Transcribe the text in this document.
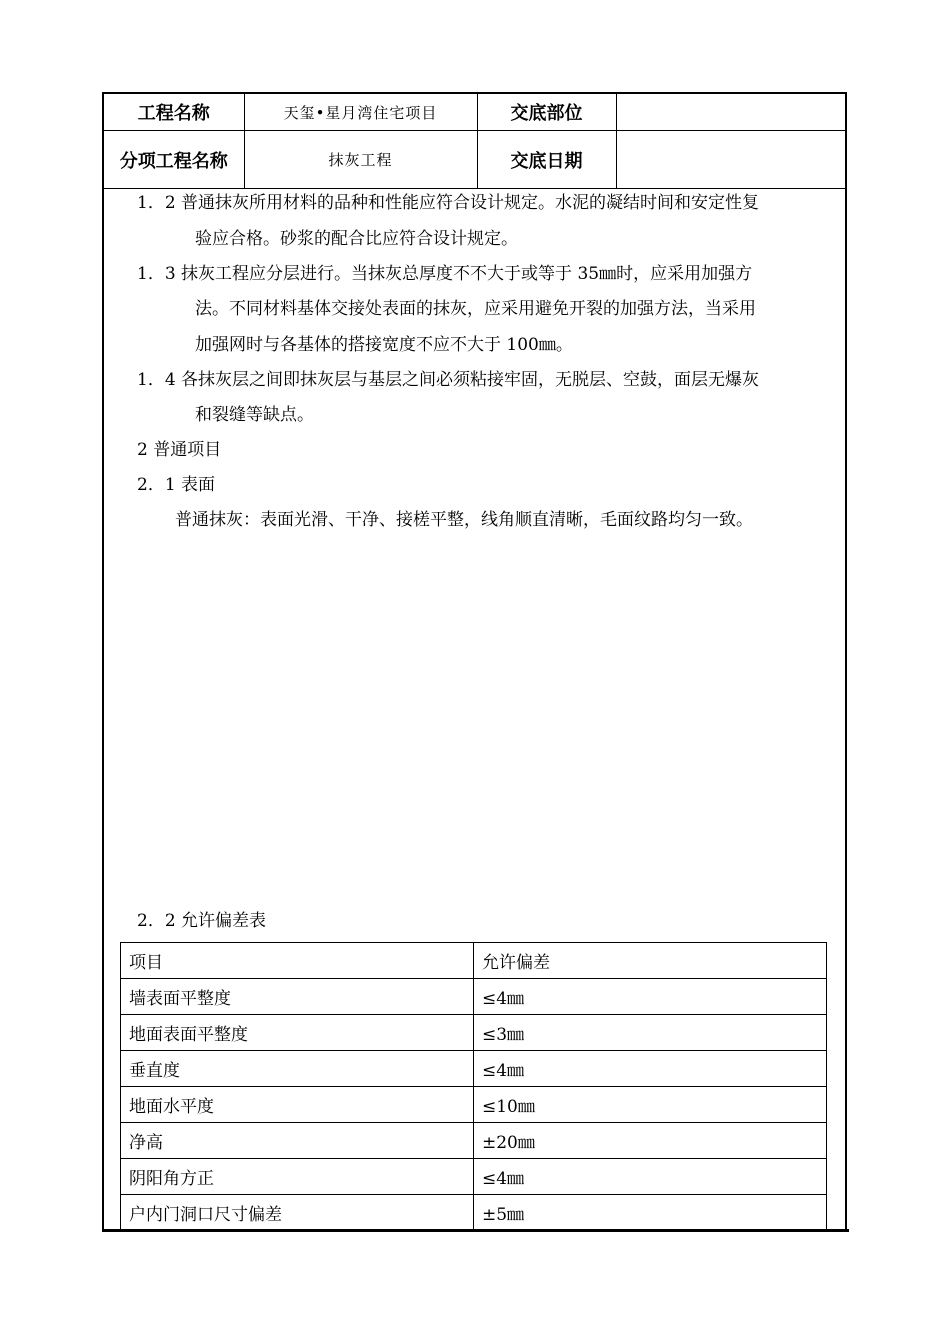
工程名称	天玺•星月湾住宅项目	交底部位	
分项工程名称	抹灰工程	交底日期	
1．2 普通抹灰所用材料的品种和性能应符合设计规定。水泥的凝结时间和安定性复
验应合格。砂浆的配合比应符合设计规定。
1．3 抹灰工程应分层进行。当抹灰总厚度不不大于或等于 35㎜时，应采用加强方
法。不同材料基体交接处表面的抹灰，应采用避免开裂的加强方法，当采用
加强网时与各基体的搭接宽度不应不大于 100㎜。
1．4 各抹灰层之间即抹灰层与基层之间必须粘接牢固，无脱层、空鼓，面层无爆灰
和裂缝等缺点。
2 普通项目
2．1 表面
普通抹灰：表面光滑、干净、接槎平整，线角顺直清晰，毛面纹路均匀一致。
2．2 允许偏差表
项目	允许偏差
墙表面平整度	≤4㎜
地面表面平整度	≤3㎜
垂直度	≤4㎜
地面水平度	≤10㎜
净高	±20㎜
阴阳角方正	≤4㎜
户内门洞口尺寸偏差	±5㎜
